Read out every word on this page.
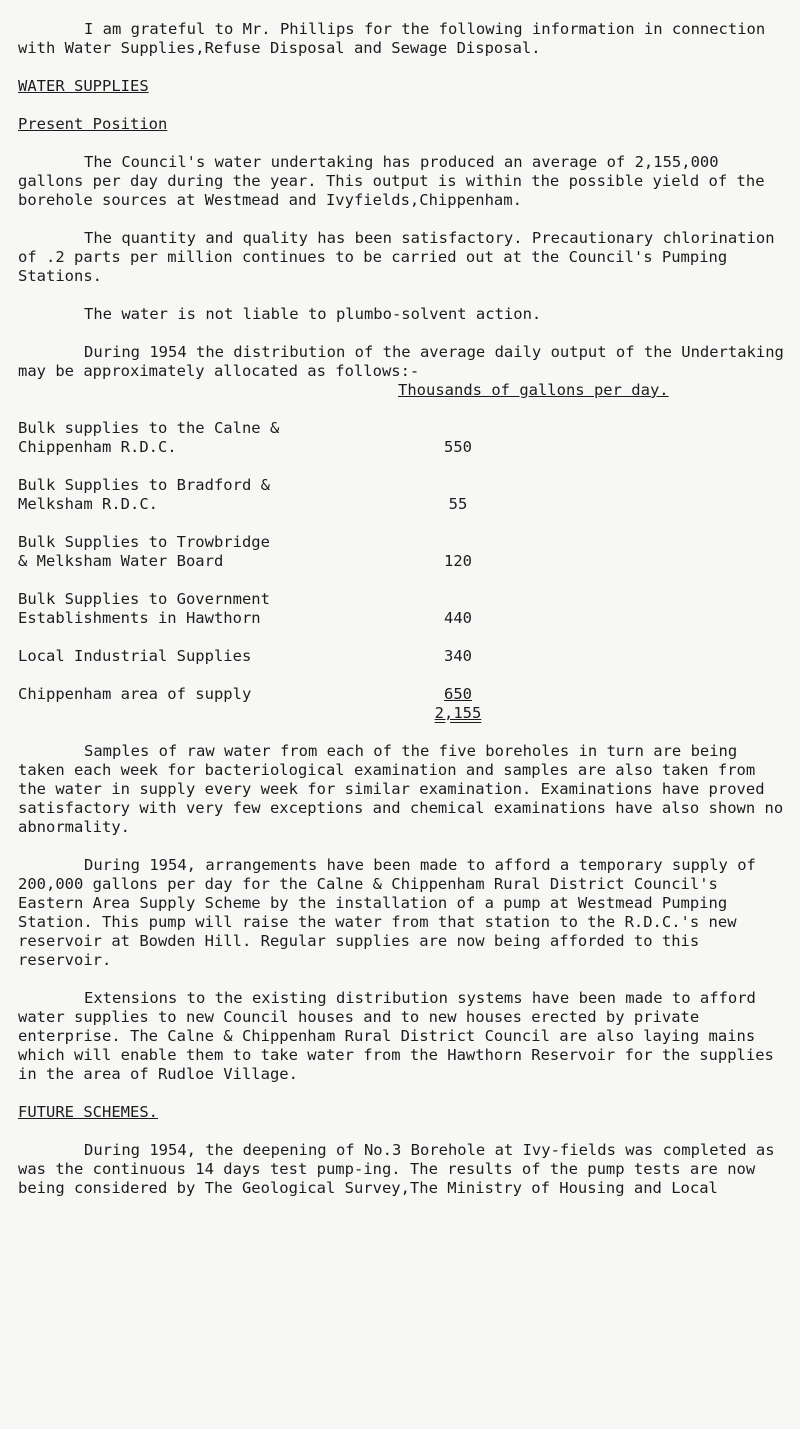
I am grateful to Mr. Phillips for the following information in connection with Water Supplies,Refuse Disposal and Sewage Disposal.

WATER SUPPLIES

Present Position

The Council's water undertaking has produced an average of 2,155,000 gallons per day during the year. This output is within the possible yield of the borehole sources at Westmead and Ivyfields,Chippenham.

The quantity and quality has been satisfactory. Precautionary chlorination of .2 parts per million continues to be carried out at the Council's Pumping Stations.

The water is not liable to plumbo-solvent action.

During 1954 the distribution of the average daily output of the Undertaking may be approximately allocated as follows:-

Thousands of gallons per day.

Bulk supplies to the Calne &
Chippenham R.D.C.	550

Bulk Supplies to Bradford &
Melksham R.D.C.	55

Bulk Supplies to Trowbridge
& Melksham Water Board	120

Bulk Supplies to Government
Establishments in Hawthorn	440

Local Industrial Supplies	340

Chippenham area of supply	650

2,155

Samples of raw water from each of the five boreholes in turn are being taken each week for bacteriological examination and samples are also taken from the water in supply every week for similar examination. Examinations have proved satisfactory with very few exceptions and chemical examinations have also shown no abnormality.

During 1954, arrangements have been made to afford a temporary supply of 200,000 gallons per day for the Calne & Chippenham Rural District Council's Eastern Area Supply Scheme by the installation of a pump at Westmead Pumping Station. This pump will raise the water from that station to the R.D.C.'s new reservoir at Bowden Hill. Regular supplies are now being afforded to this reservoir.

Extensions to the existing distribution systems have been made to afford water supplies to new Council houses and to new houses erected by private enterprise. The Calne & Chippenham Rural District Council are also laying mains which will enable them to take water from the Hawthorn Reservoir for the supplies in the area of Rudloe Village.

FUTURE SCHEMES.

During 1954, the deepening of No.3 Borehole at Ivy-fields was completed as was the continuous 14 days test pump-ing. The results of the pump tests are now being considered by The Geological Survey,The Ministry of Housing and Local
